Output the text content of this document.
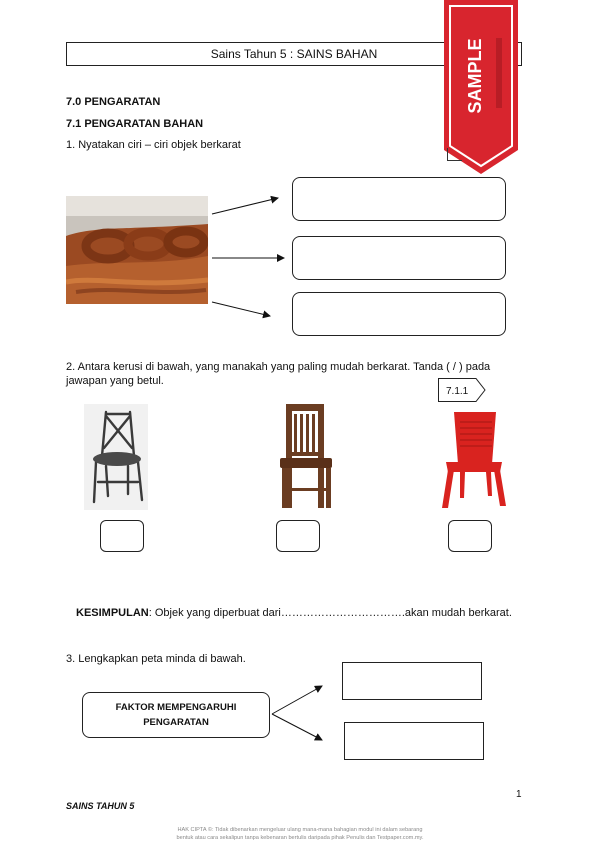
Sains Tahun 5 : SAINS BAHAN	SAMPLE
7.0 PENGARATAN
7.1 PENGARATAN BAHAN
1. Nyatakan ciri – ciri objek berkarat
2. Antara kerusi di bawah, yang manakah yang paling mudah berkarat. Tanda ( / ) pada
jawapan yang betul.
7.1.1
KESIMPULAN: Objek yang diperbuat dari…………………………….akan mudah berkarat.
3. Lengkapkan peta minda di bawah.
FAKTOR MEMPENGARUHI
PENGARATAN
1
SAINS TAHUN 5
HAK CIPTA ©: Tidak dibenarkan mengeluar ulang mana-mana bahagian modul ini dalam sebarang
bentuk atau cara sekalipun tanpa kebenaran bertulis daripada pihak Penulis dan Testpaper.com.my.
